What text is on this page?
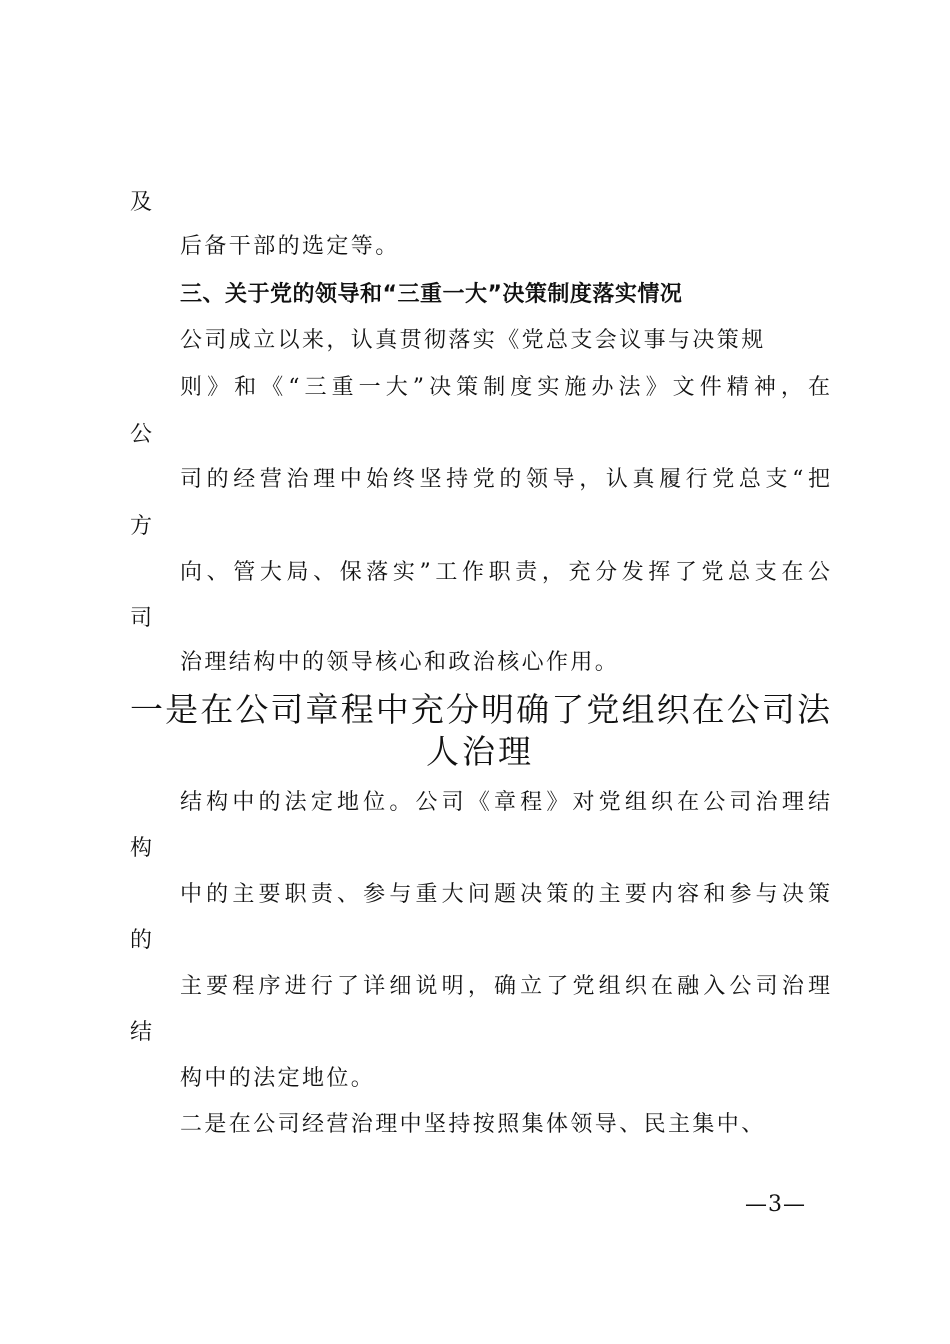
及
后备干部的选定等。
三、关于党的领导和“三重一大”决策制度落实情况
公司成立以来，认真贯彻落实《党总支会议事与决策规
则》和《“三重一大”决策制度实施办法》文件精神，在
公
司的经营治理中始终坚持党的领导，认真履行党总支“把
方
向、管大局、保落实”工作职责，充分发挥了党总支在公
司
治理结构中的领导核心和政治核心作用。
一是在公司章程中充分明确了党组织在公司法
人治理
结构中的法定地位。公司《章程》对党组织在公司治理结
构
中的主要职责、参与重大问题决策的主要内容和参与决策
的
主要程序进行了详细说明，确立了党组织在融入公司治理
结
构中的法定地位。
二是在公司经营治理中坚持按照集体领导、民主集中、
—3—
